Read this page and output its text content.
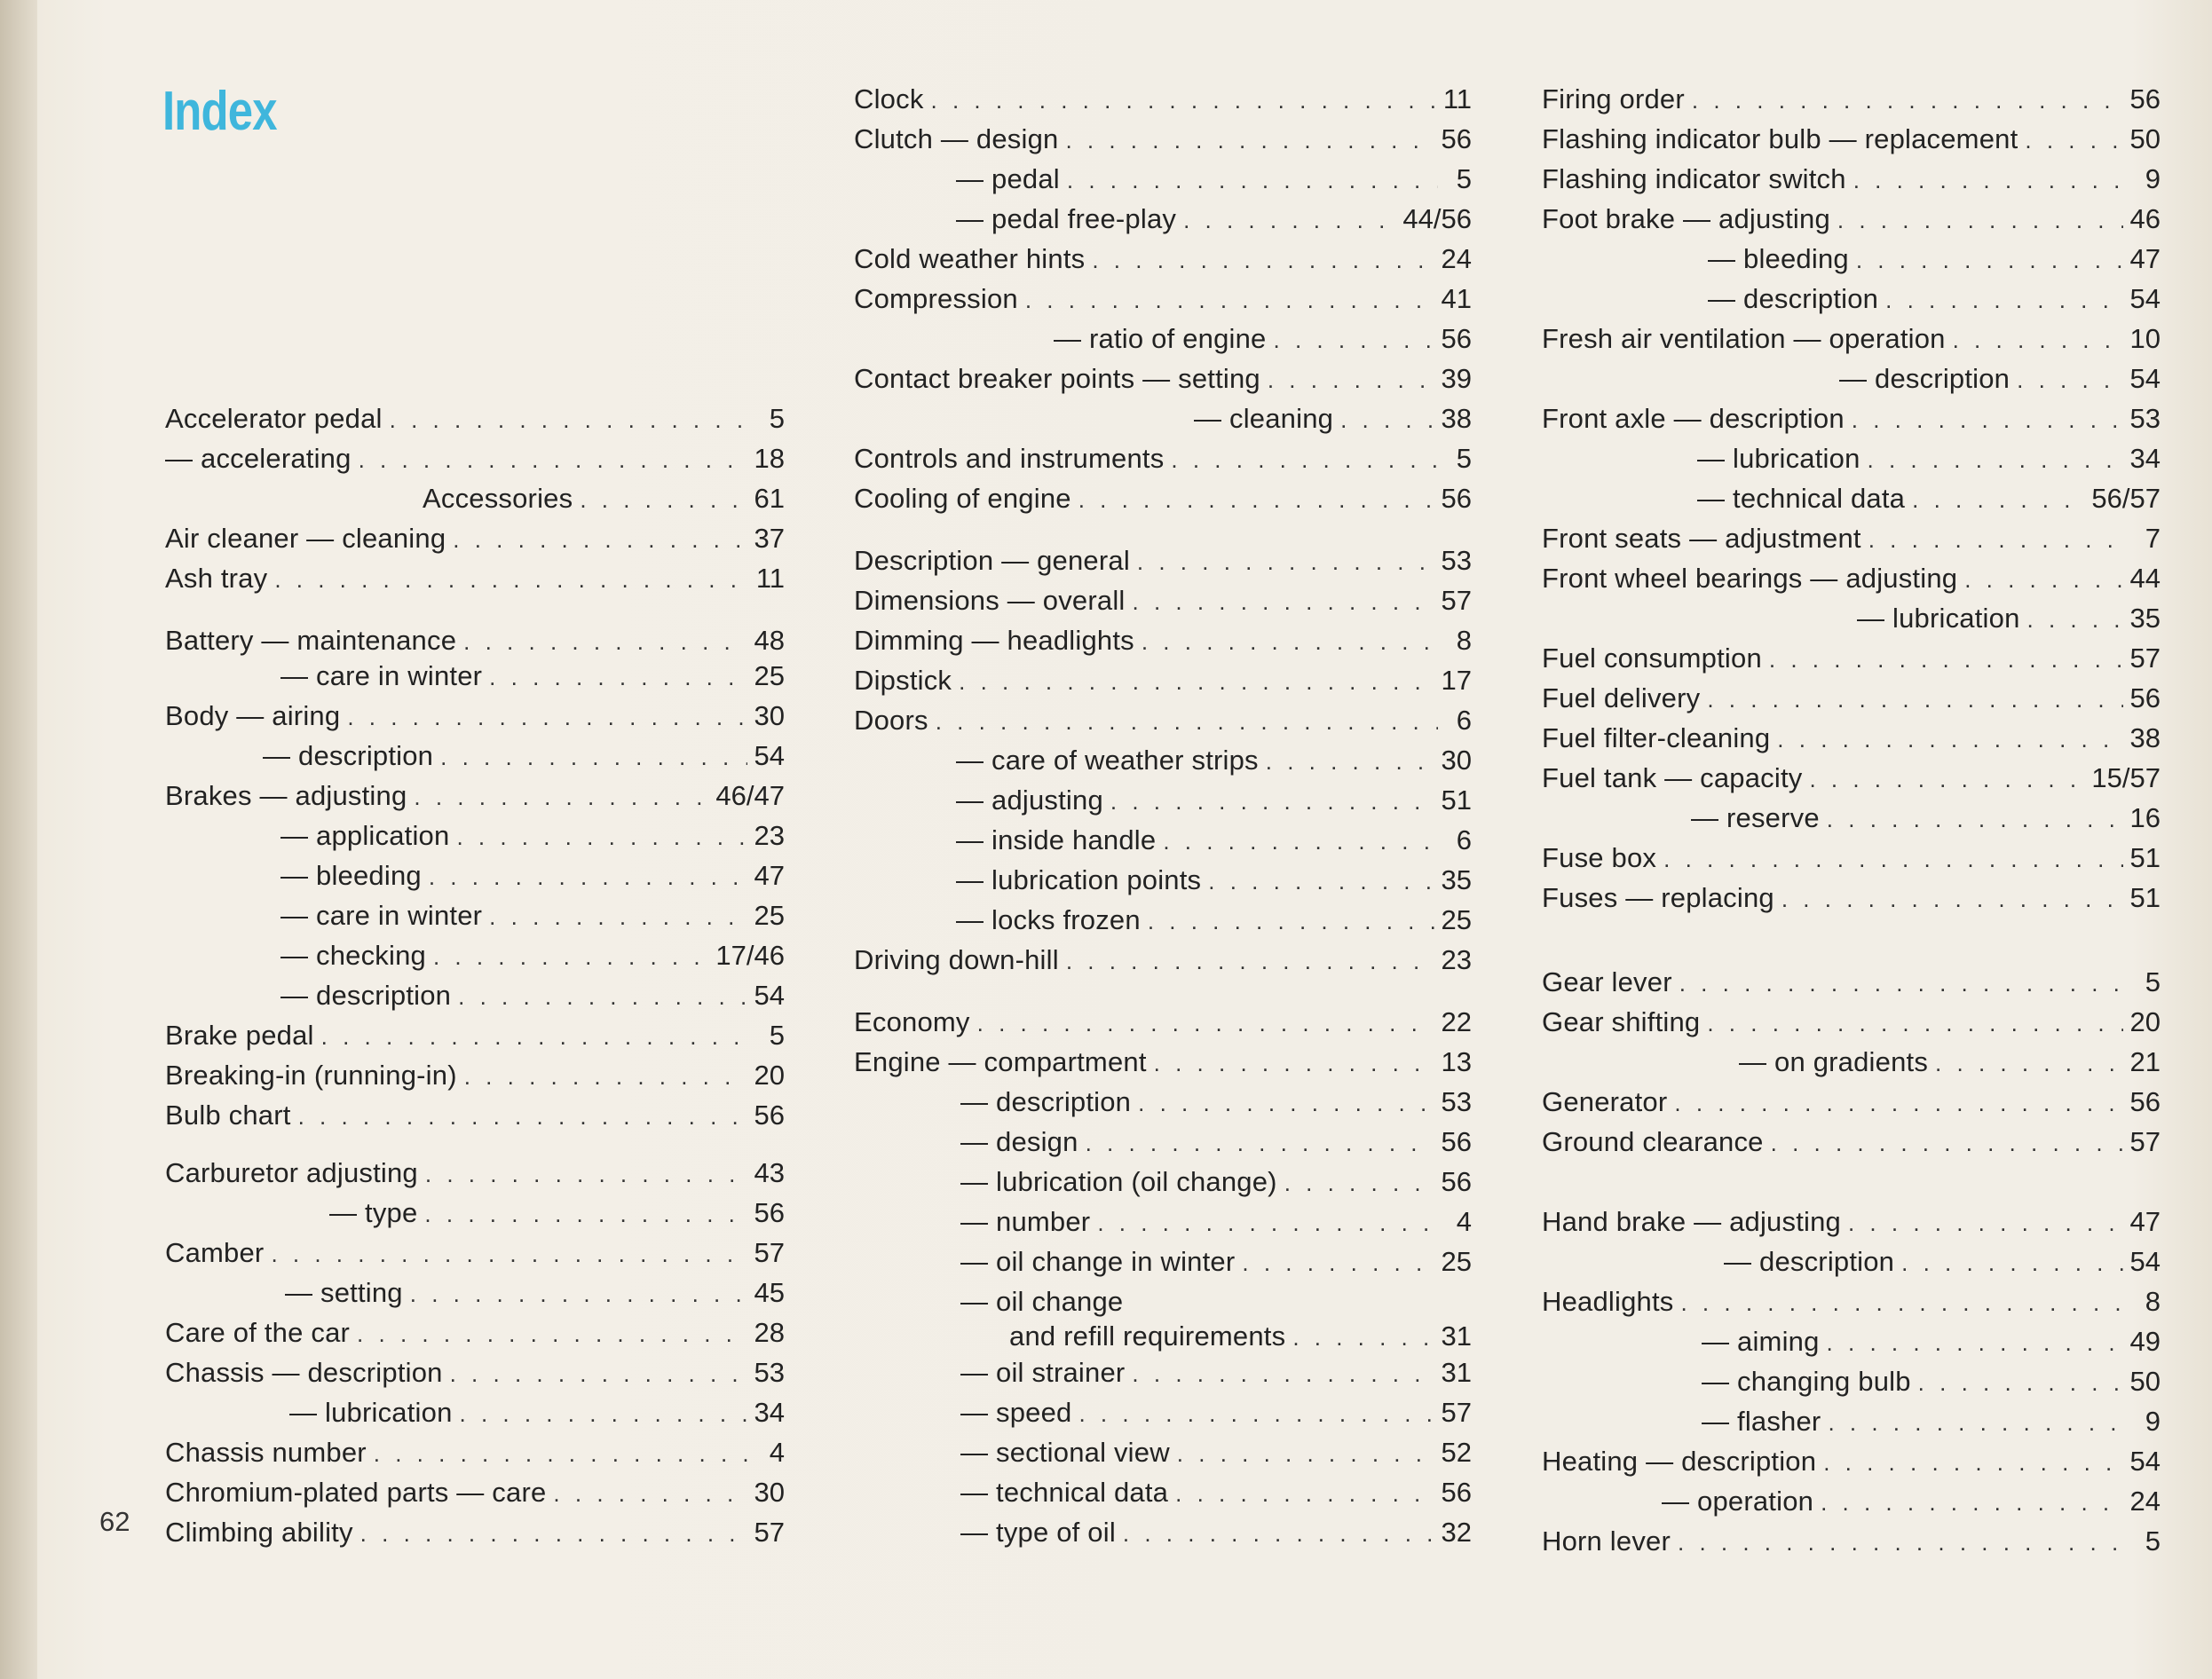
Index
Accelerator pedal . . .	5
— accelerating . . .	18
Accessories . . .	61
Air cleaner — cleaning . . .	37
Ash tray . . .	11
Battery — maintenance . . .	48
— care in winter . . .	25
Body — airing . . .	30
— description . . .	54
Brakes — adjusting . . .	46/47
— application . . .	23
— bleeding . . .	47
— care in winter . . .	25
— checking . . .	17/46
— description . . .	54
Brake pedal . . .	5
Breaking-in (running-in) . . .	20
Bulb chart . . .	56
Carburetor adjusting . . .	43
— type . . .	56
Camber . . .	57
— setting . . .	45
Care of the car . . .	28
Chassis — description . . .	53
— lubrication . . .	34
Chassis number . . .	4
Chromium-plated parts — care . . .	30
Climbing ability . . .	57
Clock . . .	11
Clutch — design . . .	56
— pedal . . .	5
— pedal free-play . . .	44/56
Cold weather hints . . .	24
Compression . . .	41
— ratio of engine . . .	56
Contact breaker points — setting . . .	39
— cleaning . . .	38
Controls and instruments . . .	5
Cooling of engine . . .	56
Description — general . . .	53
Dimensions — overall . . .	57
Dimming — headlights . . .	8
Dipstick . . .	17
Doors . . .	6
— care of weather strips . . .	30
— adjusting . . .	51
— inside handle . . .	6
— lubrication points . . .	35
— locks frozen . . .	25
Driving down-hill . . .	23
Economy . . .	22
Engine — compartment . . .	13
— description . . .	53
— design . . .	56
— lubrication (oil change) . . .	56
— number . . .	4
— oil change in winter . . .	25
— oil change
and refill requirements . . .	31
— oil strainer . . .	31
— speed . . .	57
— sectional view . . .	52
— technical data . . .	56
— type of oil . . .	32
Firing order . . .	56
Flashing indicator bulb — replacement . . .	50
Flashing indicator switch . . .	9
Foot brake — adjusting . . .	46
— bleeding . . .	47
— description . . .	54
Fresh air ventilation — operation . . .	10
— description . . .	54
Front axle — description . . .	53
— lubrication . . .	34
— technical data . . .	56/57
Front seats — adjustment . . .	7
Front wheel bearings — adjusting . . .	44
— lubrication . . .	35
Fuel consumption . . .	57
Fuel delivery . . .	56
Fuel filter-cleaning . . .	38
Fuel tank — capacity . . .	15/57
— reserve . . .	16
Fuse box . . .	51
Fuses — replacing . . .	51
Gear lever . . .	5
Gear shifting . . .	20
— on gradients . . .	21
Generator . . .	56
Ground clearance . . .	57
Hand brake — adjusting . . .	47
— description . . .	54
Headlights . . .	8
— aiming . . .	49
— changing bulb . . .	50
— flasher . . .	9
Heating — description . . .	54
— operation . . .	24
Horn lever . . .	5
62
